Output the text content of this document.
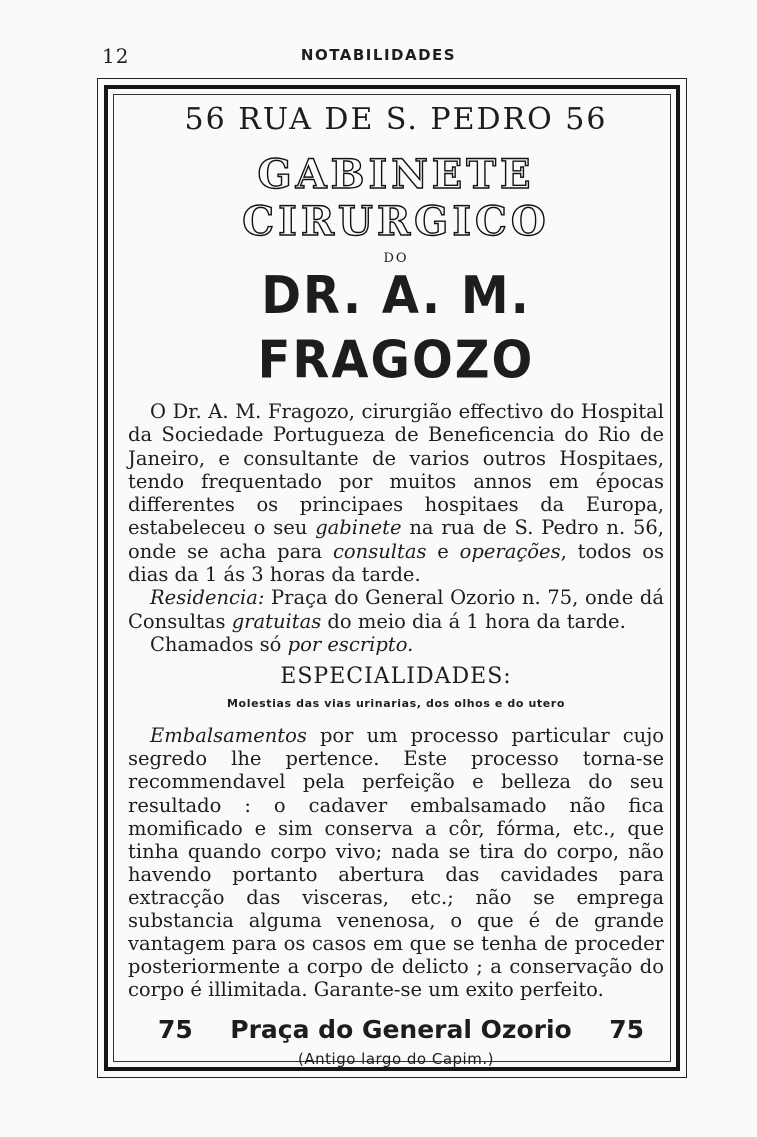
12	NOTABILIDADES
56 RUA DE S. PEDRO 56
GABINETE CIRURGICO
DO
DR. A. M. FRAGOZO

O Dr. A. M. Fragozo, cirurgião effectivo do Hospital da Sociedade Portugueza de Beneficencia do Rio de Janeiro, e consultante de varios outros Hospitaes, tendo frequentado por muitos annos em épocas differentes os principaes hospitaes da Europa, estabeleceu o seu gabinete na rua de S. Pedro n. 56, onde se acha para consultas e operações, todos os dias da 1 ás 3 horas da tarde.

Residencia: Praça do General Ozorio n. 75, onde dá Consultas gratuitas do meio dia á 1 hora da tarde.

Chamados só por escripto.

ESPECIALIDADES:
Molestias das vias urinarias, dos olhos e do utero

Embalsamentos por um processo particular cujo segredo lhe pertence. Este processo torna-se recommendavel pela perfeição e belleza do seu resultado : o cadaver embalsamado não fica momificado e sim conserva a côr, fórma, etc., que tinha quando corpo vivo; nada se tira do corpo, não havendo portanto abertura das cavidades para extracção das visceras, etc.; não se emprega substancia alguma venenosa, o que é de grande vantagem para os casos em que se tenha de proceder posteriormente a corpo de delicto ; a conservação do corpo é illimitada. Garante-se um exito perfeito.

75 Praça do General Ozorio 75
(Antigo largo do Capim.)
